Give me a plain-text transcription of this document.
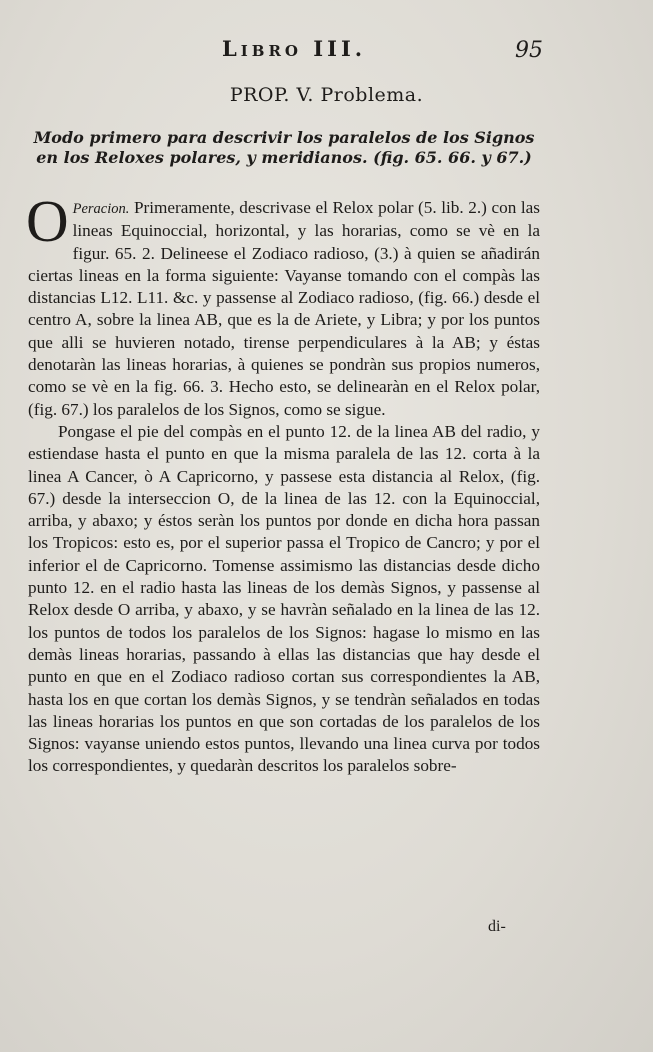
Libro III.	95
PROP. V. Problema.
Modo primero para descrivir los paralelos de los Signos en los Reloxes polares, y meridianos. (fig. 65. 66. y 67.)

O Peracion. Primeramente, descrivase el Relox polar (5. lib. 2.) con las lineas Equinoccial, horizontal, y las horarias, como se vè en la figur. 65. 2. Delineese el Zodiaco radioso, (3.) à quien se añadirán ciertas lineas en la forma siguiente: Vayanse tomando con el compàs las distancias L12. L11. &c. y passense al Zodiaco radioso, (fig. 66.) desde el centro A, sobre la linea AB, que es la de Ariete, y Libra; y por los puntos que alli se huvieren notado, tirense perpendiculares à la AB; y éstas denotaràn las lineas horarias, à quienes se pondràn sus propios numeros, como se vè en la fig. 66. 3. Hecho esto, se delinearàn en el Relox polar, (fig. 67.) los paralelos de los Signos, como se sigue.

Pongase el pie del compàs en el punto 12. de la linea AB del radio, y estiendase hasta el punto en que la misma paralela de las 12. corta à la linea A Cancer, ò A Capricorno, y passese esta distancia al Relox, (fig. 67.) desde la interseccion O, de la linea de las 12. con la Equinoccial, arriba, y abaxo; y éstos seràn los puntos por donde en dicha hora passan los Tropicos: esto es, por el superior passa el Tropico de Cancro; y por el inferior el de Capricorno. Tomense assimismo las distancias desde dicho punto 12. en el radio hasta las lineas de los demàs Signos, y passense al Relox desde O arriba, y abaxo, y se havràn señalado en la linea de las 12. los puntos de todos los paralelos de los Signos: hagase lo mismo en las demàs lineas horarias, passando à ellas las distancias que hay desde el punto en que en el Zodiaco radioso cortan sus correspondientes la AB, hasta los en que cortan los demàs Signos, y se tendràn señalados en todas las lineas horarias los puntos en que son cortadas de los paralelos de los Signos: vayanse uniendo estos puntos, llevando una linea curva por todos los correspondientes, y quedaràn descritos los paralelos sobre-

di-
